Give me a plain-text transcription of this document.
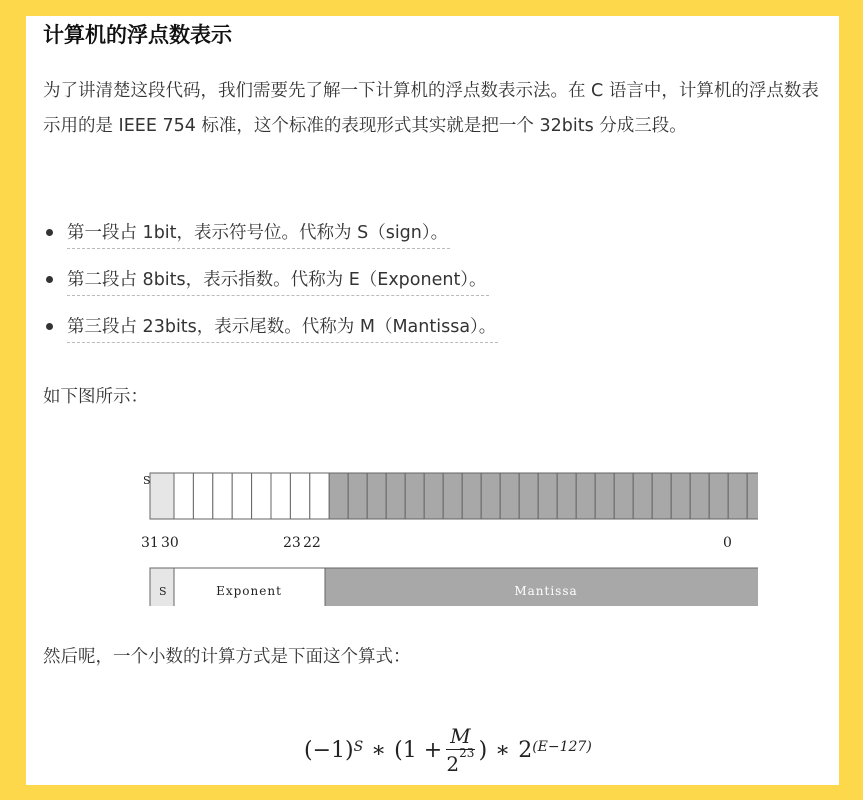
计算机的浮点数表示

为了讲清楚这段代码，我们需要先了解一下计算机的浮点数表示法。在 C 语言中，计算机的浮点数表示用的是 IEEE 754 标准，这个标准的表现形式其实就是把一个 32bits 分成三段。

第一段占 1bit，表示符号位。代称为 S（sign）。
第二段占 8bits，表示指数。代称为 E（Exponent）。
第三段占 23bits，表示尾数。代称为 M（Mantissa）。

如下图所示：

S
31 30	23 22	0
S	Exponent	Mantissa

然后呢，一个小数的计算方式是下面这个算式：

$(-1)^S$ ∗ ($1 + \frac{M}{2^{23}}$ ) ∗ $2^{(E-127)}$
